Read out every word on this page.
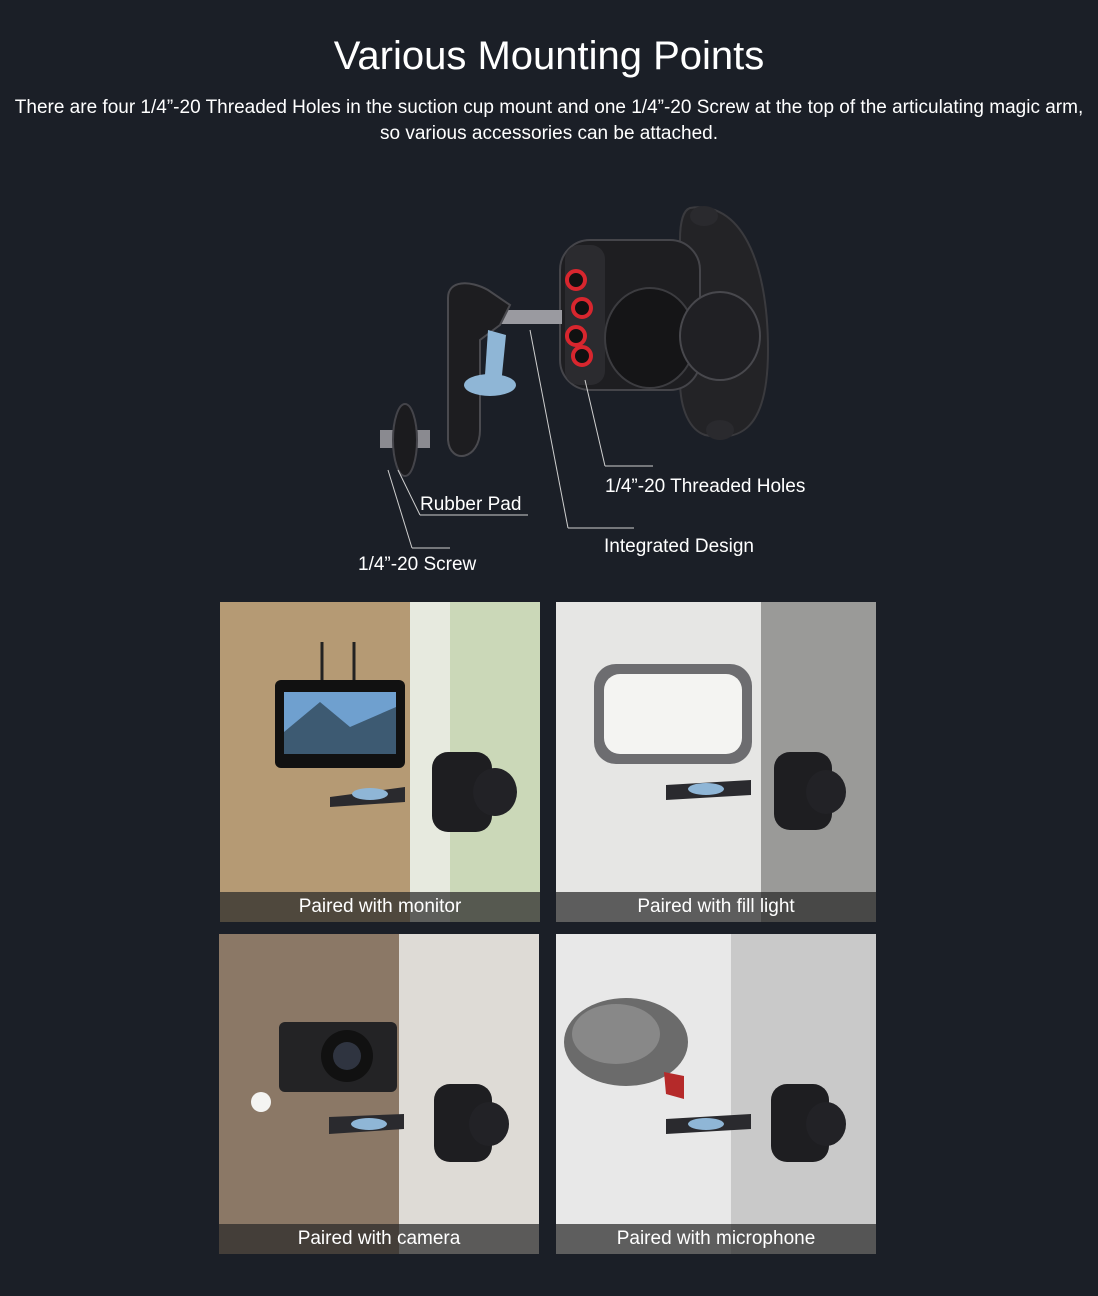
Various Mounting Points
There are four 1/4”-20 Threaded Holes in the suction cup mount and one 1/4”-20 Screw at the top of the articulating magic arm, so various accessories can be attached.
1/4”-20 Threaded Holes
Rubber Pad
Integrated Design
1/4”-20 Screw
Paired with monitor	Paired with fill light
Paired with camera	Paired with microphone
